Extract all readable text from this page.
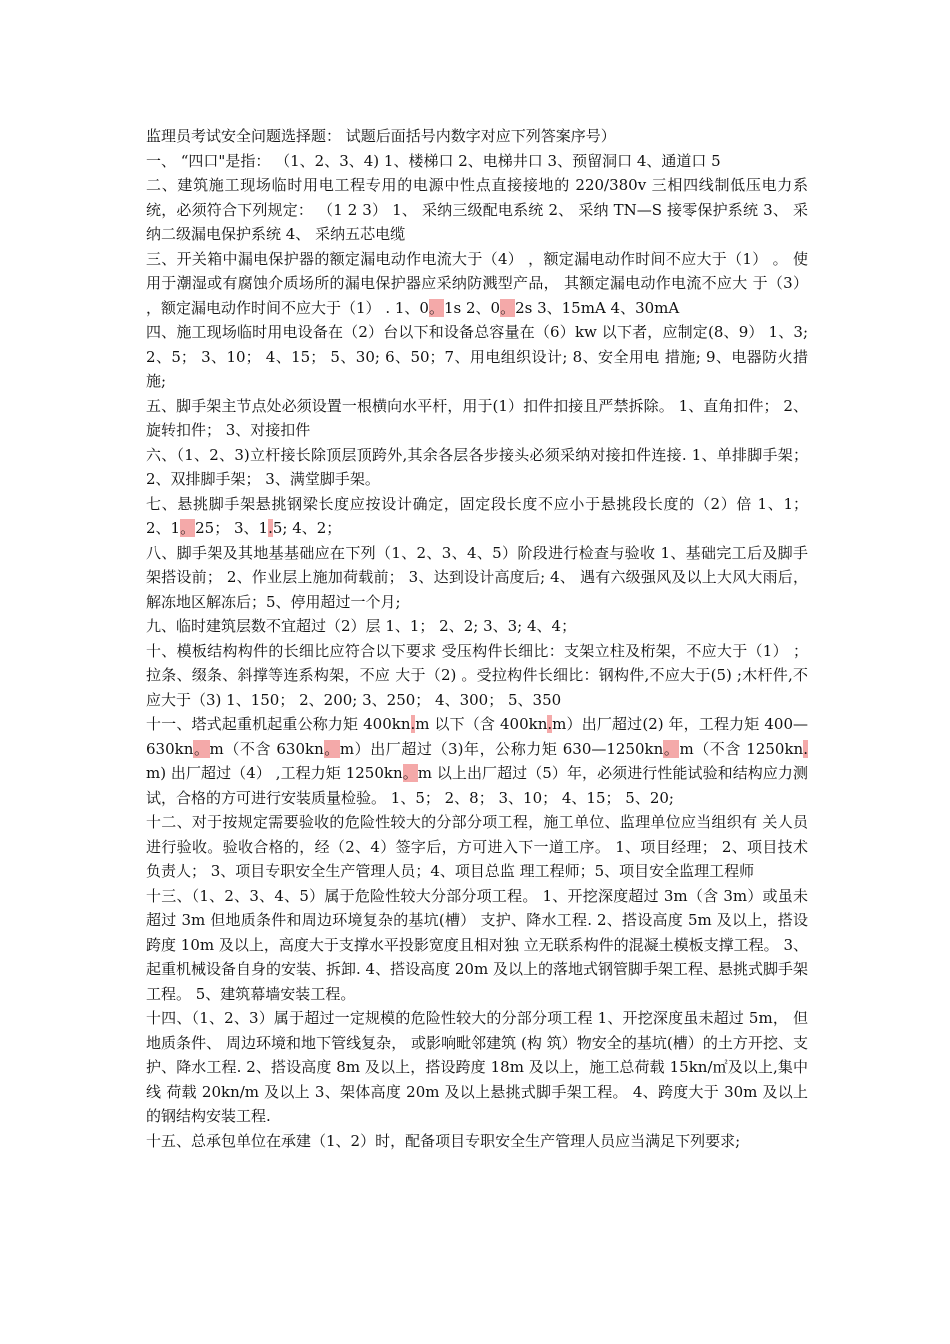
监理员考试安全问题选择题： 试题后面括号内数字对应下列答案序号）

一、 “四口"是指： （1、2、3、4) 1、楼梯口 2、电梯井口 3、预留洞口 4、通道口 5

二、建筑施工现场临时用电工程专用的电源中性点直接接地的 220/380v 三相四线制低压电力系统，必须符合下列规定： （1 2 3） 1、 采纳三级配电系统 2、 采纳 TN—S 接零保护系统 3、 采纳二级漏电保护系统 4、 采纳五芯电缆

三、开关箱中漏电保护器的额定漏电动作电流大于（4） ，额定漏电动作时间不应大于（1） 。 使用于潮湿或有腐蚀介质场所的漏电保护器应采纳防溅型产品， 其额定漏电动作电流不应大 于（3） ，额定漏电动作时间不应大于（1） . 1、0。1s 2、0。2s 3、15mA 4、30mA

四、施工现场临时用电设备在（2）台以下和设备总容量在（6）kw 以下者，应制定(8、9） 1、3; 2、5； 3、10； 4、15； 5、30; 6、50；7、用电组织设计; 8、安全用电 措施; 9、电器防火措施;

五、脚手架主节点处必须设置一根横向水平杆，用于(1）扣件扣接且严禁拆除。 1、直角扣件； 2、旋转扣件； 3、对接扣件

六、（1、2、3)立杆接长除顶层顶跨外,其余各层各步接头必须采纳对接扣件连接. 1、单排脚手架； 2、双排脚手架； 3、满堂脚手架。

七、悬挑脚手架悬挑钢梁长度应按设计确定，固定段长度不应小于悬挑段长度的（2）倍 1、1； 2、1。25； 3、1.5; 4、2；

八、脚手架及其地基基础应在下列（1、2、3、4、5）阶段进行检查与验收 1、基础完工后及脚手架搭设前； 2、作业层上施加荷载前； 3、达到设计高度后; 4、 遇有六级强风及以上大风大雨后，解冻地区解冻后；5、停用超过一个月;

九、临时建筑层数不宜超过（2）层 1、1； 2、2; 3、3; 4、4；

十、模板结构构件的长细比应符合以下要求 受压构件长细比：支架立柱及桁架，不应大于（1） ；拉条、缀条、斜撑等连系构架，不应 大于（2) 。受拉构件长细比：钢构件,不应大于(5) ;木杆件,不应大于（3) 1、150； 2、200; 3、250； 4、300； 5、350

十一、塔式起重机起重公称力矩 400kn.m 以下（含 400kn.m）出厂超过(2) 年，工程力矩 400—630kn。m（不含 630kn。m）出厂超过（3)年，公称力矩 630—1250kn。m（不含 1250kn.m) 出厂超过（4） ,工程力矩 1250kn。m 以上出厂超过（5）年，必须进行性能试验和结构应力测 试，合格的方可进行安装质量检验。 1、5； 2、8； 3、10； 4、15； 5、20;

十二、对于按规定需要验收的危险性较大的分部分项工程，施工单位、监理单位应当组织有 关人员进行验收。验收合格的，经（2、4）签字后，方可进入下一道工序。 1、项目经理； 2、项目技术负责人； 3、项目专职安全生产管理人员；4、项目总监 理工程师；5、项目安全监理工程师

十三、（1、2、3、4、5）属于危险性较大分部分项工程。 1、开挖深度超过 3m（含 3m）或虽未超过 3m 但地质条件和周边环境复杂的基坑(槽） 支护、降水工程. 2、搭设高度 5m 及以上，搭设跨度 10m 及以上，高度大于支撑水平投影宽度且相对独 立无联系构件的混凝土模板支撑工程。 3、起重机械设备自身的安装、拆卸. 4、搭设高度 20m 及以上的落地式钢管脚手架工程、悬挑式脚手架工程。 5、建筑幕墙安装工程。

十四、（1、2、3）属于超过一定规模的危险性较大的分部分项工程 1、开挖深度虽未超过 5m， 但地质条件、 周边环境和地下管线复杂， 或影响毗邻建筑 (构 筑）物安全的基坑(槽）的土方开挖、支护、降水工程. 2、搭设高度 8m 及以上，搭设跨度 18m 及以上，施工总荷载 15kn/㎡及以上,集中线 荷载 20kn/m 及以上 3、架体高度 20m 及以上悬挑式脚手架工程。 4、跨度大于 30m 及以上的钢结构安装工程.

十五、总承包单位在承建（1、2）时，配备项目专职安全生产管理人员应当满足下列要求;
